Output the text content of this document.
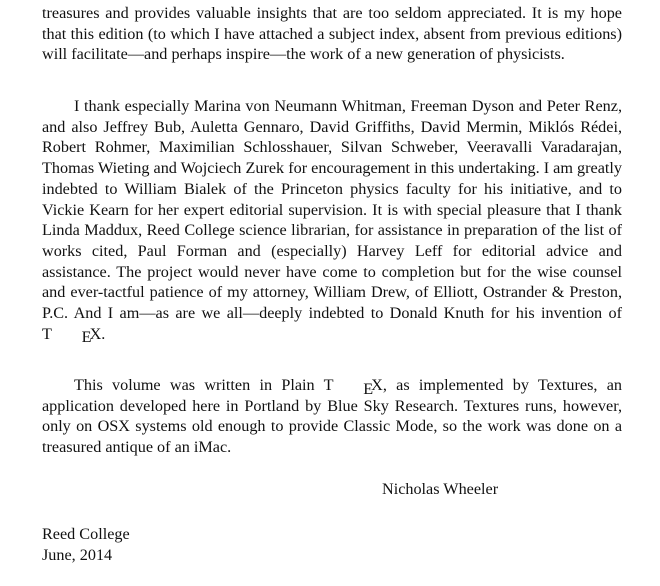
treasures and provides valuable insights that are too seldom appreciated. It is my hope that this edition (to which I have attached a subject index, absent from previous editions) will facilitate—and perhaps inspire—the work of a new generation of physicists.

I thank especially Marina von Neumann Whitman, Freeman Dyson and Peter Renz, and also Jeffrey Bub, Auletta Gennaro, David Griffiths, David Mermin, Miklós Rédei, Robert Rohmer, Maximilian Schlosshauer, Silvan Schweber, Veeravalli Varadarajan, Thomas Wieting and Wojciech Zurek for encouragement in this undertaking. I am greatly indebted to William Bialek of the Princeton physics faculty for his initiative, and to Vickie Kearn for her expert editorial supervision. It is with special pleasure that I thank Linda Maddux, Reed College science librarian, for assistance in preparation of the list of works cited, Paul Forman and (especially) Harvey Leff for editorial advice and assistance. The project would never have come to completion but for the wise counsel and ever-tactful patience of my attorney, William Drew, of Elliott, Ostrander & Preston, P.C. And I am—as are we all—deeply indebted to Donald Knuth for his invention of T EX.

This volume was written in Plain T EX, as implemented by Textures, an application developed here in Portland by Blue Sky Research. Textures runs, however, only on OSX systems old enough to provide Classic Mode, so the work was done on a treasured antique of an iMac.

Nicholas Wheeler
Reed College
June, 2014
